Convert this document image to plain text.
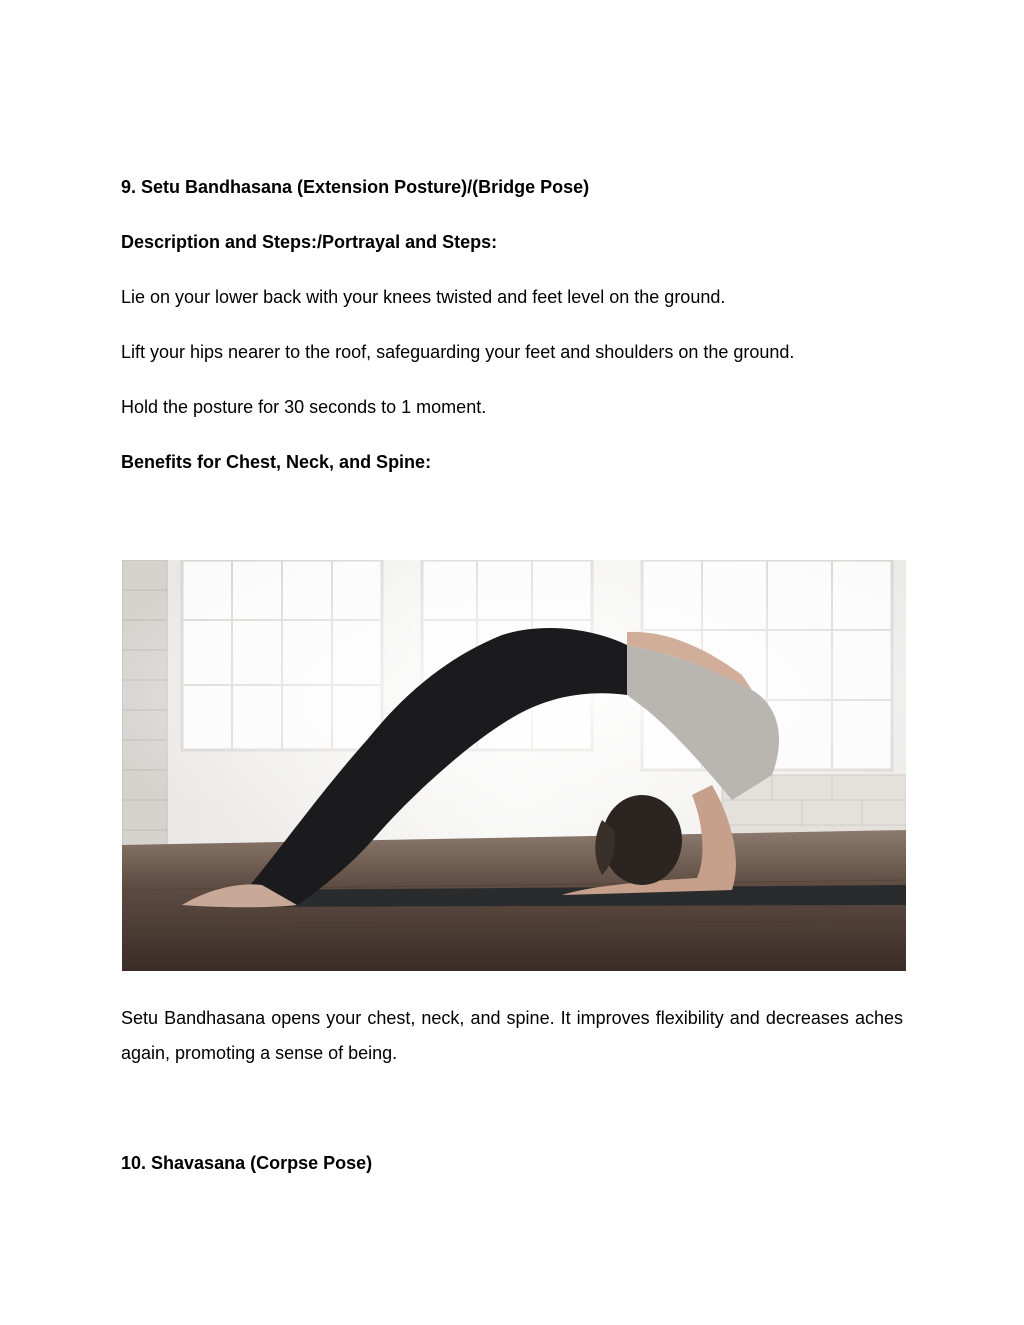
9. Setu Bandhasana (Extension Posture)/(Bridge Pose)
Description and Steps:/Portrayal and Steps:
Lie on your lower back with your knees twisted and feet level on the ground.
Lift your hips nearer to the roof, safeguarding your feet and shoulders on the ground.
Hold the posture for 30 seconds to 1 moment.
Benefits for Chest, Neck, and Spine:
Setu Bandhasana opens your chest, neck, and spine. It improves flexibility and decreases aches again, promoting a sense of being.
10. Shavasana (Corpse Pose)
